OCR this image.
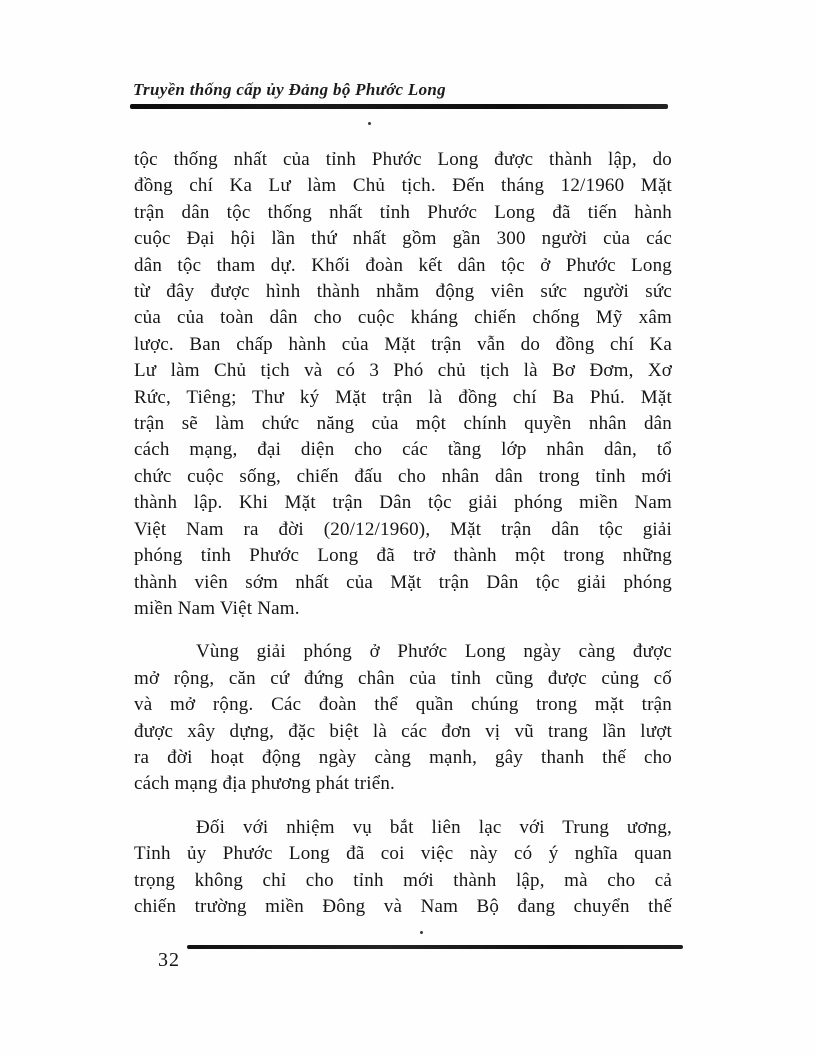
Truyền thống cấp ủy Đảng bộ Phước Long
tộc thống nhất của tỉnh Phước Long được thành lập, do
đồng chí Ka Lư làm Chủ tịch. Đến tháng 12/1960 Mặt
trận dân tộc thống nhất tỉnh Phước Long đã tiến hành
cuộc Đại hội lần thứ nhất gồm gần 300 người của các
dân tộc tham dự. Khối đoàn kết dân tộc ở Phước Long
từ đây được hình thành nhằm động viên sức người sức
của của toàn dân cho cuộc kháng chiến chống Mỹ xâm
lược. Ban chấp hành của Mặt trận vẫn do đồng chí Ka
Lư làm Chủ tịch và có 3 Phó chủ tịch là Bơ Đơm, Xơ
Rức, Tiêng; Thư ký Mặt trận là đồng chí Ba Phú. Mặt
trận sẽ làm chức năng của một chính quyền nhân dân
cách mạng, đại diện cho các tầng lớp nhân dân, tổ
chức cuộc sống, chiến đấu cho nhân dân trong tỉnh mới
thành lập. Khi Mặt trận Dân tộc giải phóng miền Nam
Việt Nam ra đời (20/12/1960), Mặt trận dân tộc giải
phóng tỉnh Phước Long đã trở thành một trong những
thành viên sớm nhất của Mặt trận Dân tộc giải phóng
miền Nam Việt Nam.
Vùng giải phóng ở Phước Long ngày càng được
mở rộng, căn cứ đứng chân của tỉnh cũng được củng cố
và mở rộng. Các đoàn thể quần chúng trong mặt trận
được xây dựng, đặc biệt là các đơn vị vũ trang lần lượt
ra đời hoạt động ngày càng mạnh, gây thanh thế cho
cách mạng địa phương phát triển.
Đối với nhiệm vụ bắt liên lạc với Trung ương,
Tỉnh ủy Phước Long đã coi việc này có ý nghĩa quan
trọng không chỉ cho tỉnh mới thành lập, mà cho cả
chiến trường miền Đông và Nam Bộ đang chuyển thế
32
